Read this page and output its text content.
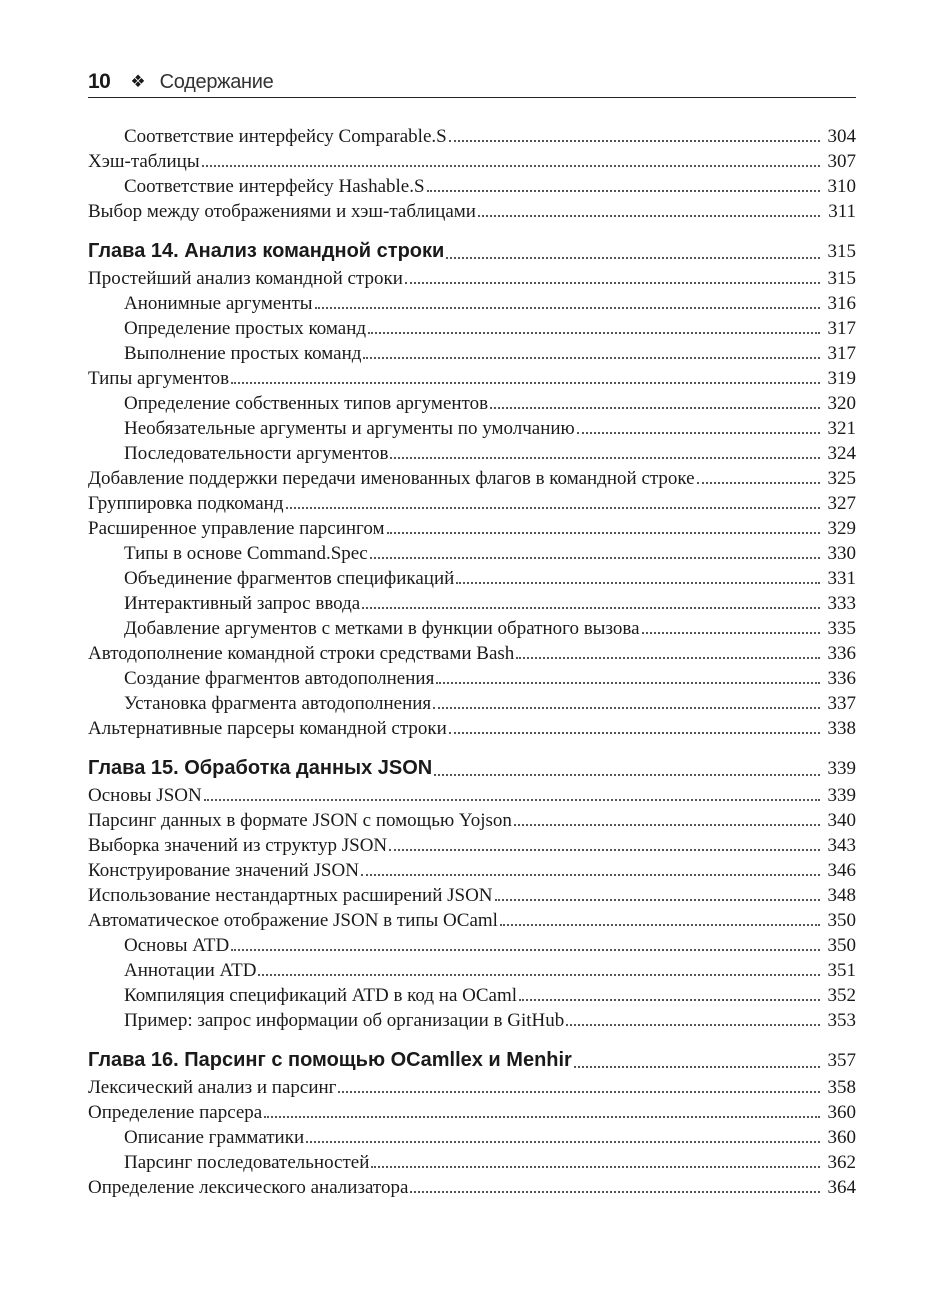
10 ❖ Содержание
Соответствие интерфейсу Comparable.S	304
Хэш-таблицы	307
Соответствие интерфейсу Hashable.S	310
Выбор между отображениями и хэш-таблицами	311
Глава 14. Анализ командной строки	315
Простейший анализ командной строки	315
Анонимные аргументы	316
Определение простых команд	317
Выполнение простых команд	317
Типы аргументов	319
Определение собственных типов аргументов	320
Необязательные аргументы и аргументы по умолчанию	321
Последовательности аргументов	324
Добавление поддержки передачи именованных флагов в командной строке	325
Группировка подкоманд	327
Расширенное управление парсингом	329
Типы в основе Command.Spec	330
Объединение фрагментов спецификаций	331
Интерактивный запрос ввода	333
Добавление аргументов с метками в функции обратного вызова	335
Автодополнение командной строки средствами Bash	336
Создание фрагментов автодополнения	336
Установка фрагмента автодополнения	337
Альтернативные парсеры командной строки	338
Глава 15. Обработка данных JSON	339
Основы JSON	339
Парсинг данных в формате JSON с помощью Yojson	340
Выборка значений из структур JSON	343
Конструирование значений JSON	346
Использование нестандартных расширений JSON	348
Автоматическое отображение JSON в типы OCaml	350
Основы ATD	350
Аннотации ATD	351
Компиляция спецификаций ATD в код на OCaml	352
Пример: запрос информации об организации в GitHub	353
Глава 16. Парсинг с помощью OCamllex и Menhir	357
Лексический анализ и парсинг	358
Определение парсера	360
Описание грамматики	360
Парсинг последовательностей	362
Определение лексического анализатора	364
